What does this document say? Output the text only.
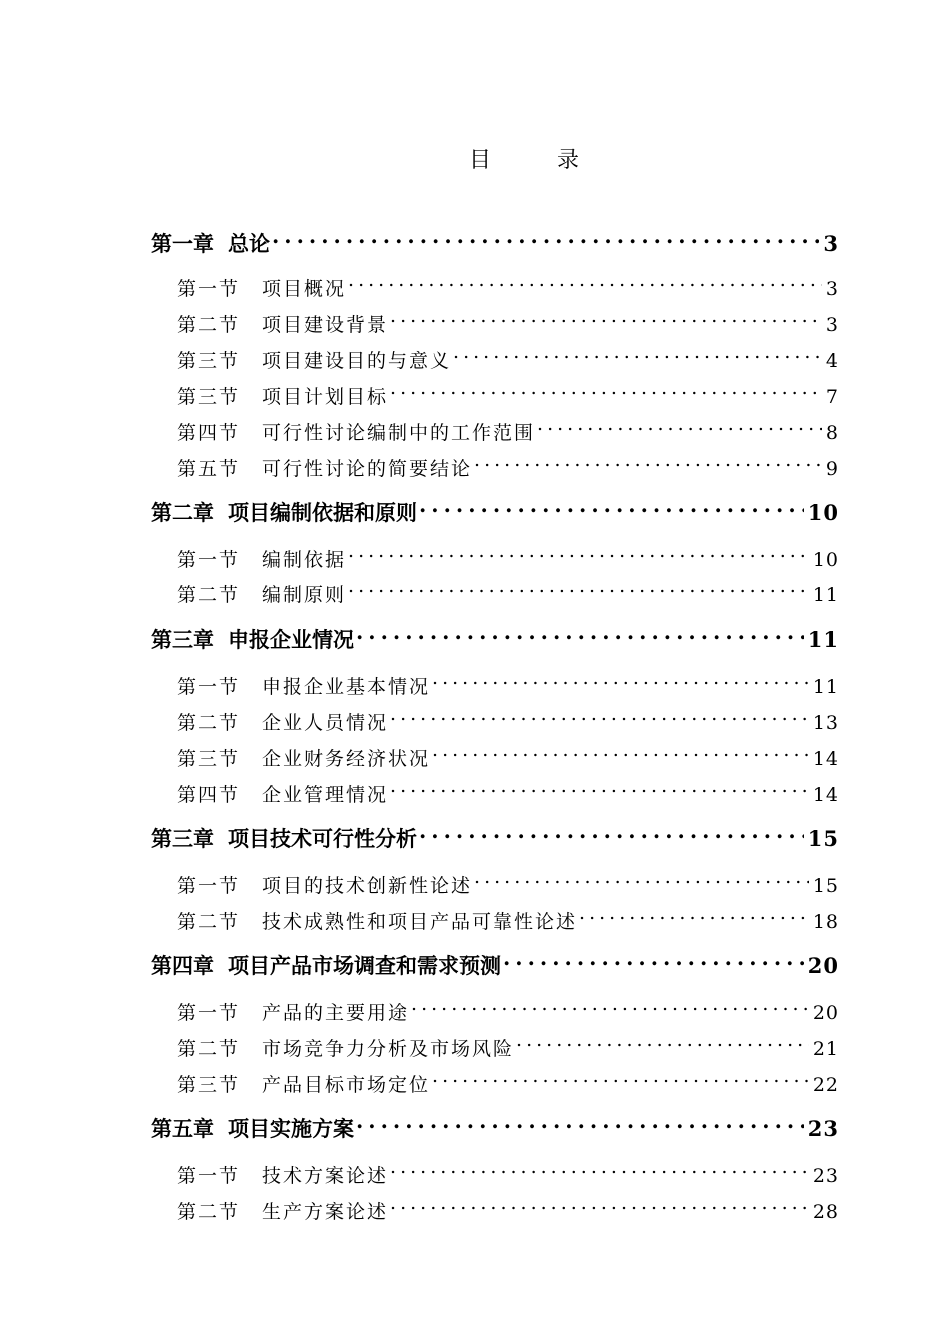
目　录
第一章 总论 .....	3
第一节 项目概况 .....	3
第二节 项目建设背景 .....	3
第三节 项目建设目的与意义 .....	4
第三节 项目计划目标 .....	7
第四节 可行性讨论编制中的工作范围 .....	8
第五节 可行性讨论的简要结论 .....	9
第二章 项目编制依据和原则 .....	10
第一节 编制依据 .....	10
第二节 编制原则 .....	11
第三章 申报企业情况 .....	11
第一节 申报企业基本情况 .....	11
第二节 企业人员情况 .....	13
第三节 企业财务经济状况 .....	14
第四节 企业管理情况 .....	14
第三章 项目技术可行性分析 .....	15
第一节 项目的技术创新性论述 .....	15
第二节 技术成熟性和项目产品可靠性论述 .....	18
第四章 项目产品市场调查和需求预测 .....	20
第一节 产品的主要用途 .....	20
第二节 市场竞争力分析及市场风险 .....	21
第三节 产品目标市场定位 .....	22
第五章 项目实施方案 .....	23
第一节 技术方案论述 .....	23
第二节 生产方案论述 .....	28
